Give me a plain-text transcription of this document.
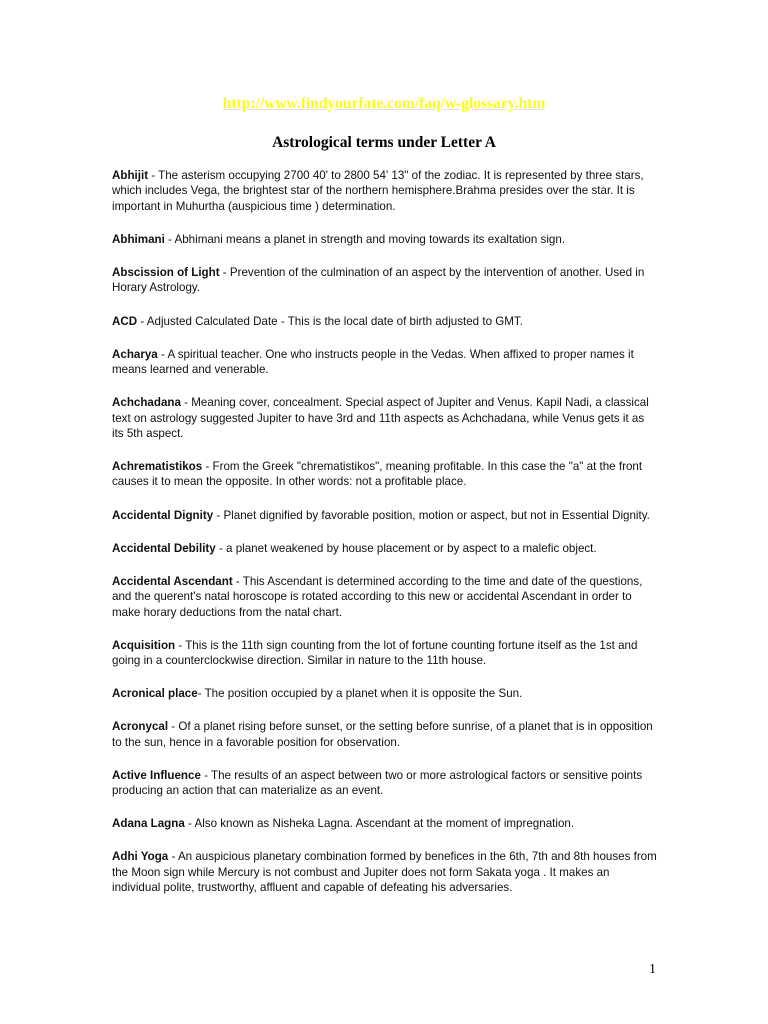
http://www.findyourfate.com/faq/w-glossary.htm
Astrological terms under Letter A
Abhijit - The asterism occupying 2700 40' to 2800 54' 13" of the zodiac. It is represented by three stars, which includes Vega, the brightest star of the northern hemisphere.Brahma presides over the star. It is important in Muhurtha (auspicious time ) determination.
Abhimani - Abhimani means a planet in strength and moving towards its exaltation sign.
Abscission of Light - Prevention of the culmination of an aspect by the intervention of another. Used in Horary Astrology.
ACD - Adjusted Calculated Date - This is the local date of birth adjusted to GMT.
Acharya - A spiritual teacher. One who instructs people in the Vedas. When affixed to proper names it means learned and venerable.
Achchadana - Meaning cover, concealment. Special aspect of Jupiter and Venus. Kapil Nadi, a classical text on astrology suggested Jupiter to have 3rd and 11th aspects as Achchadana, while Venus gets it as its 5th aspect.
Achrematistikos - From the Greek "chrematistikos", meaning profitable. In this case the "a" at the front causes it to mean the opposite. In other words: not a profitable place.
Accidental Dignity - Planet dignified by favorable position, motion or aspect, but not in Essential Dignity.
Accidental Debility - a planet weakened by house placement or by aspect to a malefic object.
Accidental Ascendant - This Ascendant is determined according to the time and date of the questions, and the querent's natal horoscope is rotated according to this new or accidental Ascendant in order to make horary deductions from the natal chart.
Acquisition - This is the 11th sign counting from the lot of fortune counting fortune itself as the 1st and going in a counterclockwise direction. Similar in nature to the 11th house.
Acronical place- The position occupied by a planet when it is opposite the Sun.
Acronycal - Of a planet rising before sunset, or the setting before sunrise, of a planet that is in opposition to the sun, hence in a favorable position for observation.
Active Influence - The results of an aspect between two or more astrological factors or sensitive points producing an action that can materialize as an event.
Adana Lagna - Also known as Nisheka Lagna. Ascendant at the moment of impregnation.
Adhi Yoga - An auspicious planetary combination formed by benefices in the 6th, 7th and 8th houses from the Moon sign while Mercury is not combust and Jupiter does not form Sakata yoga . It makes an individual polite, trustworthy, affluent and capable of defeating his adversaries.
1
